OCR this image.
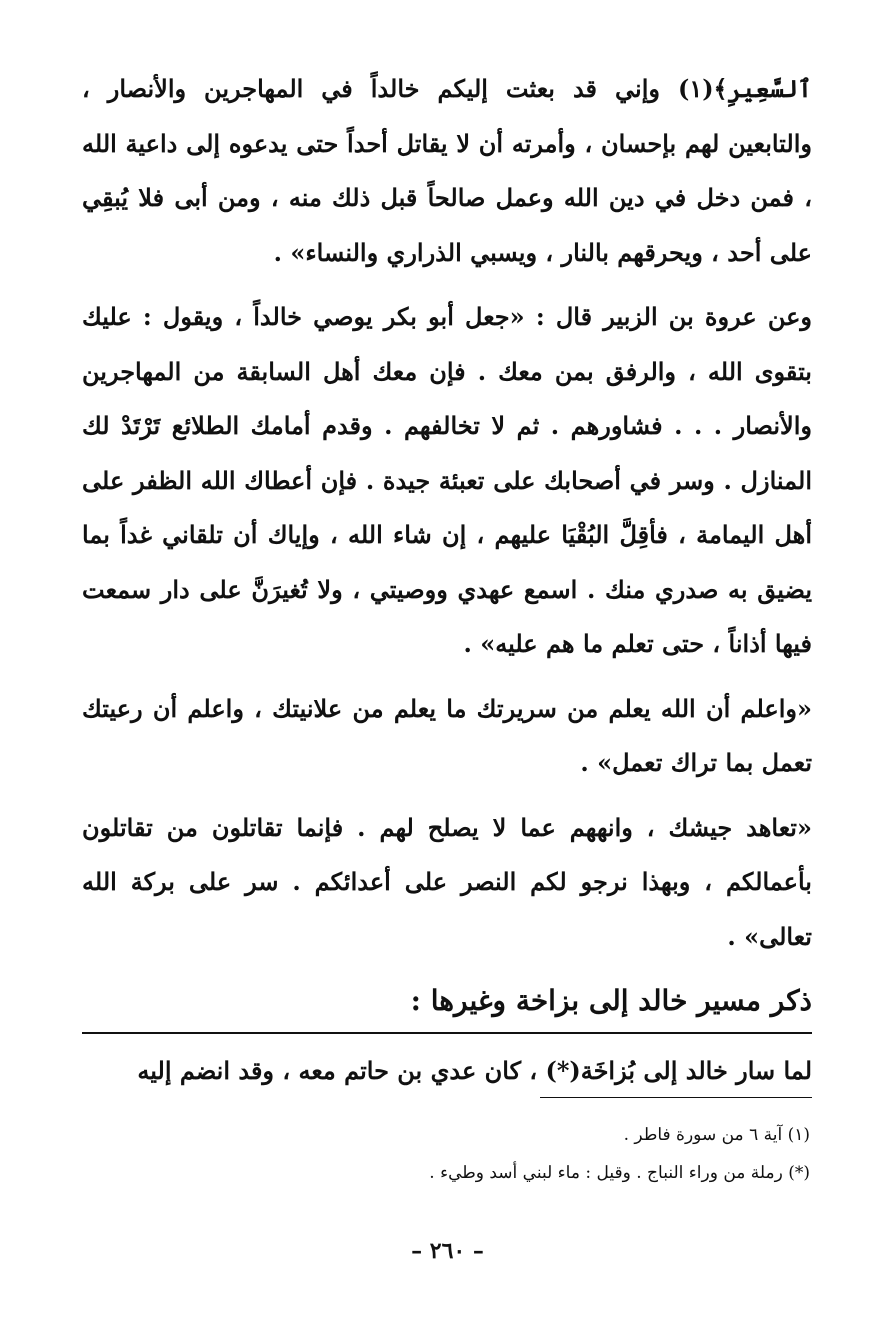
ٱلسَّعِيرِ﴾(١) وإني قد بعثت إليكم خالداً في المهاجرين والأنصار ، والتابعين لهم بإحسان ، وأمرته أن لا يقاتل أحداً حتى يدعوه إلى داعية الله ، فمن دخل في دين الله وعمل صالحاً قبل ذلك منه ، ومن أبى فلا يُبقِي على أحد ، ويحرقهم بالنار ، ويسبي الذراري والنساء» .

وعن عروة بن الزبير قال : «جعل أبو بكر يوصي خالداً ، ويقول : عليك بتقوى الله ، والرفق بمن معك . فإن معك أهل السابقة من المهاجرين والأنصار . . . فشاورهم . ثم لا تخالفهم . وقدم أمامك الطلائع تَرْتَدْ لك المنازل . وسر في أصحابك على تعبئة جيدة . فإن أعطاك الله الظفر على أهل اليمامة ، فأقِلَّ البُقْيَا عليهم ، إن شاء الله ، وإياك أن تلقاني غداً بما يضيق به صدري منك . اسمع عهدي ووصيتي ، ولا تُغيرَنَّ على دار سمعت فيها أذاناً ، حتى تعلم ما هم عليه» .

«واعلم أن الله يعلم من سريرتك ما يعلم من علانيتك ، واعلم أن رعيتك تعمل بما تراك تعمل» .

«تعاهد جيشك ، وانههم عما لا يصلح لهم . فإنما تقاتلون من تقاتلون بأعمالكم ، وبهذا نرجو لكم النصر على أعدائكم . سر على بركة الله تعالى» .

ذكر مسير خالد إلى بزاخة وغيرها :

لما سار خالد إلى بُزاخَة(*) ، كان عدي بن حاتم معه ، وقد انضم إليه

(١) آية ٦ من سورة فاطر .

(*) رملة من وراء النباج . وقيل : ماء لبني أسد وطيء .

– ٢٦٠ –
